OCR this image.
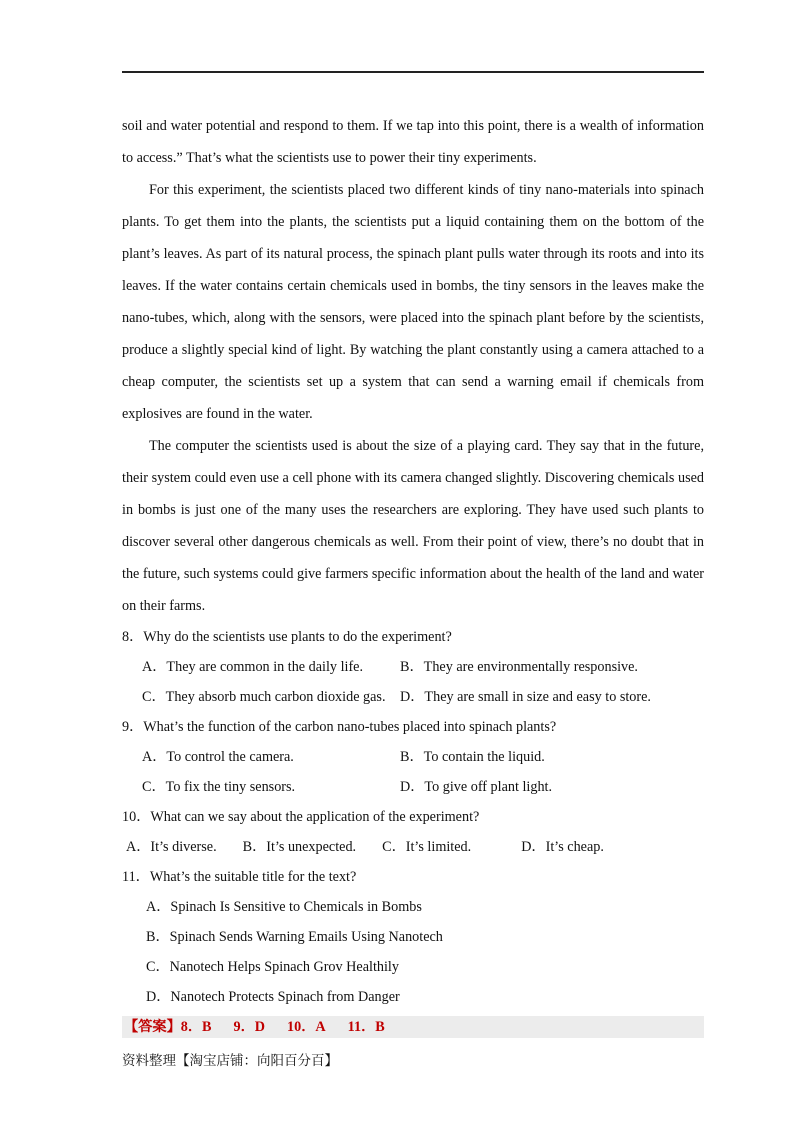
soil and water potential and respond to them. If we tap into this point, there is a wealth of information to access.” That’s what the scientists use to power their tiny experiments.

For this experiment, the scientists placed two different kinds of tiny nano-materials into spinach plants. To get them into the plants, the scientists put a liquid containing them on the bottom of the plant’s leaves. As part of its natural process, the spinach plant pulls water through its roots and into its leaves. If the water contains certain chemicals used in bombs, the tiny sensors in the leaves make the nano-tubes, which, along with the sensors, were placed into the spinach plant before by the scientists, produce a slightly special kind of light. By watching the plant constantly using a camera attached to a cheap computer, the scientists set up a system that can send a warning email if chemicals from explosives are found in the water.

The computer the scientists used is about the size of a playing card. They say that in the future, their system could even use a cell phone with its camera changed slightly. Discovering chemicals used in bombs is just one of the many uses the researchers are exploring. They have used such plants to discover several other dangerous chemicals as well. From their point of view, there’s no doubt that in the future, such systems could give farmers specific information about the health of the land and water on their farms.

8．Why do the scientists use plants to do the experiment?

A．They are common in the daily life.	B．They are environmentally responsive.
C．They absorb much carbon dioxide gas.	D．They are small in size and easy to store.

9．What’s the function of the carbon nano-tubes placed into spinach plants?

A．To control the camera.	B．To contain the liquid.
C．To fix the tiny sensors.	D．To give off plant light.

10．What can we say about the application of the experiment?

A．It’s diverse. B．It’s unexpected. C．It’s limited.	D．It’s cheap.

11．What’s the suitable title for the text?

A．Spinach Is Sensitive to Chemicals in Bombs
B．Spinach Sends Warning Emails Using Nanotech
C．Nanotech Helps Spinach Grov Healthily
D．Nanotech Protects Spinach from Danger
【答案】8．B 9．D 10．A 11．B
资料整理【淘宝店铺：向阳百分百】
